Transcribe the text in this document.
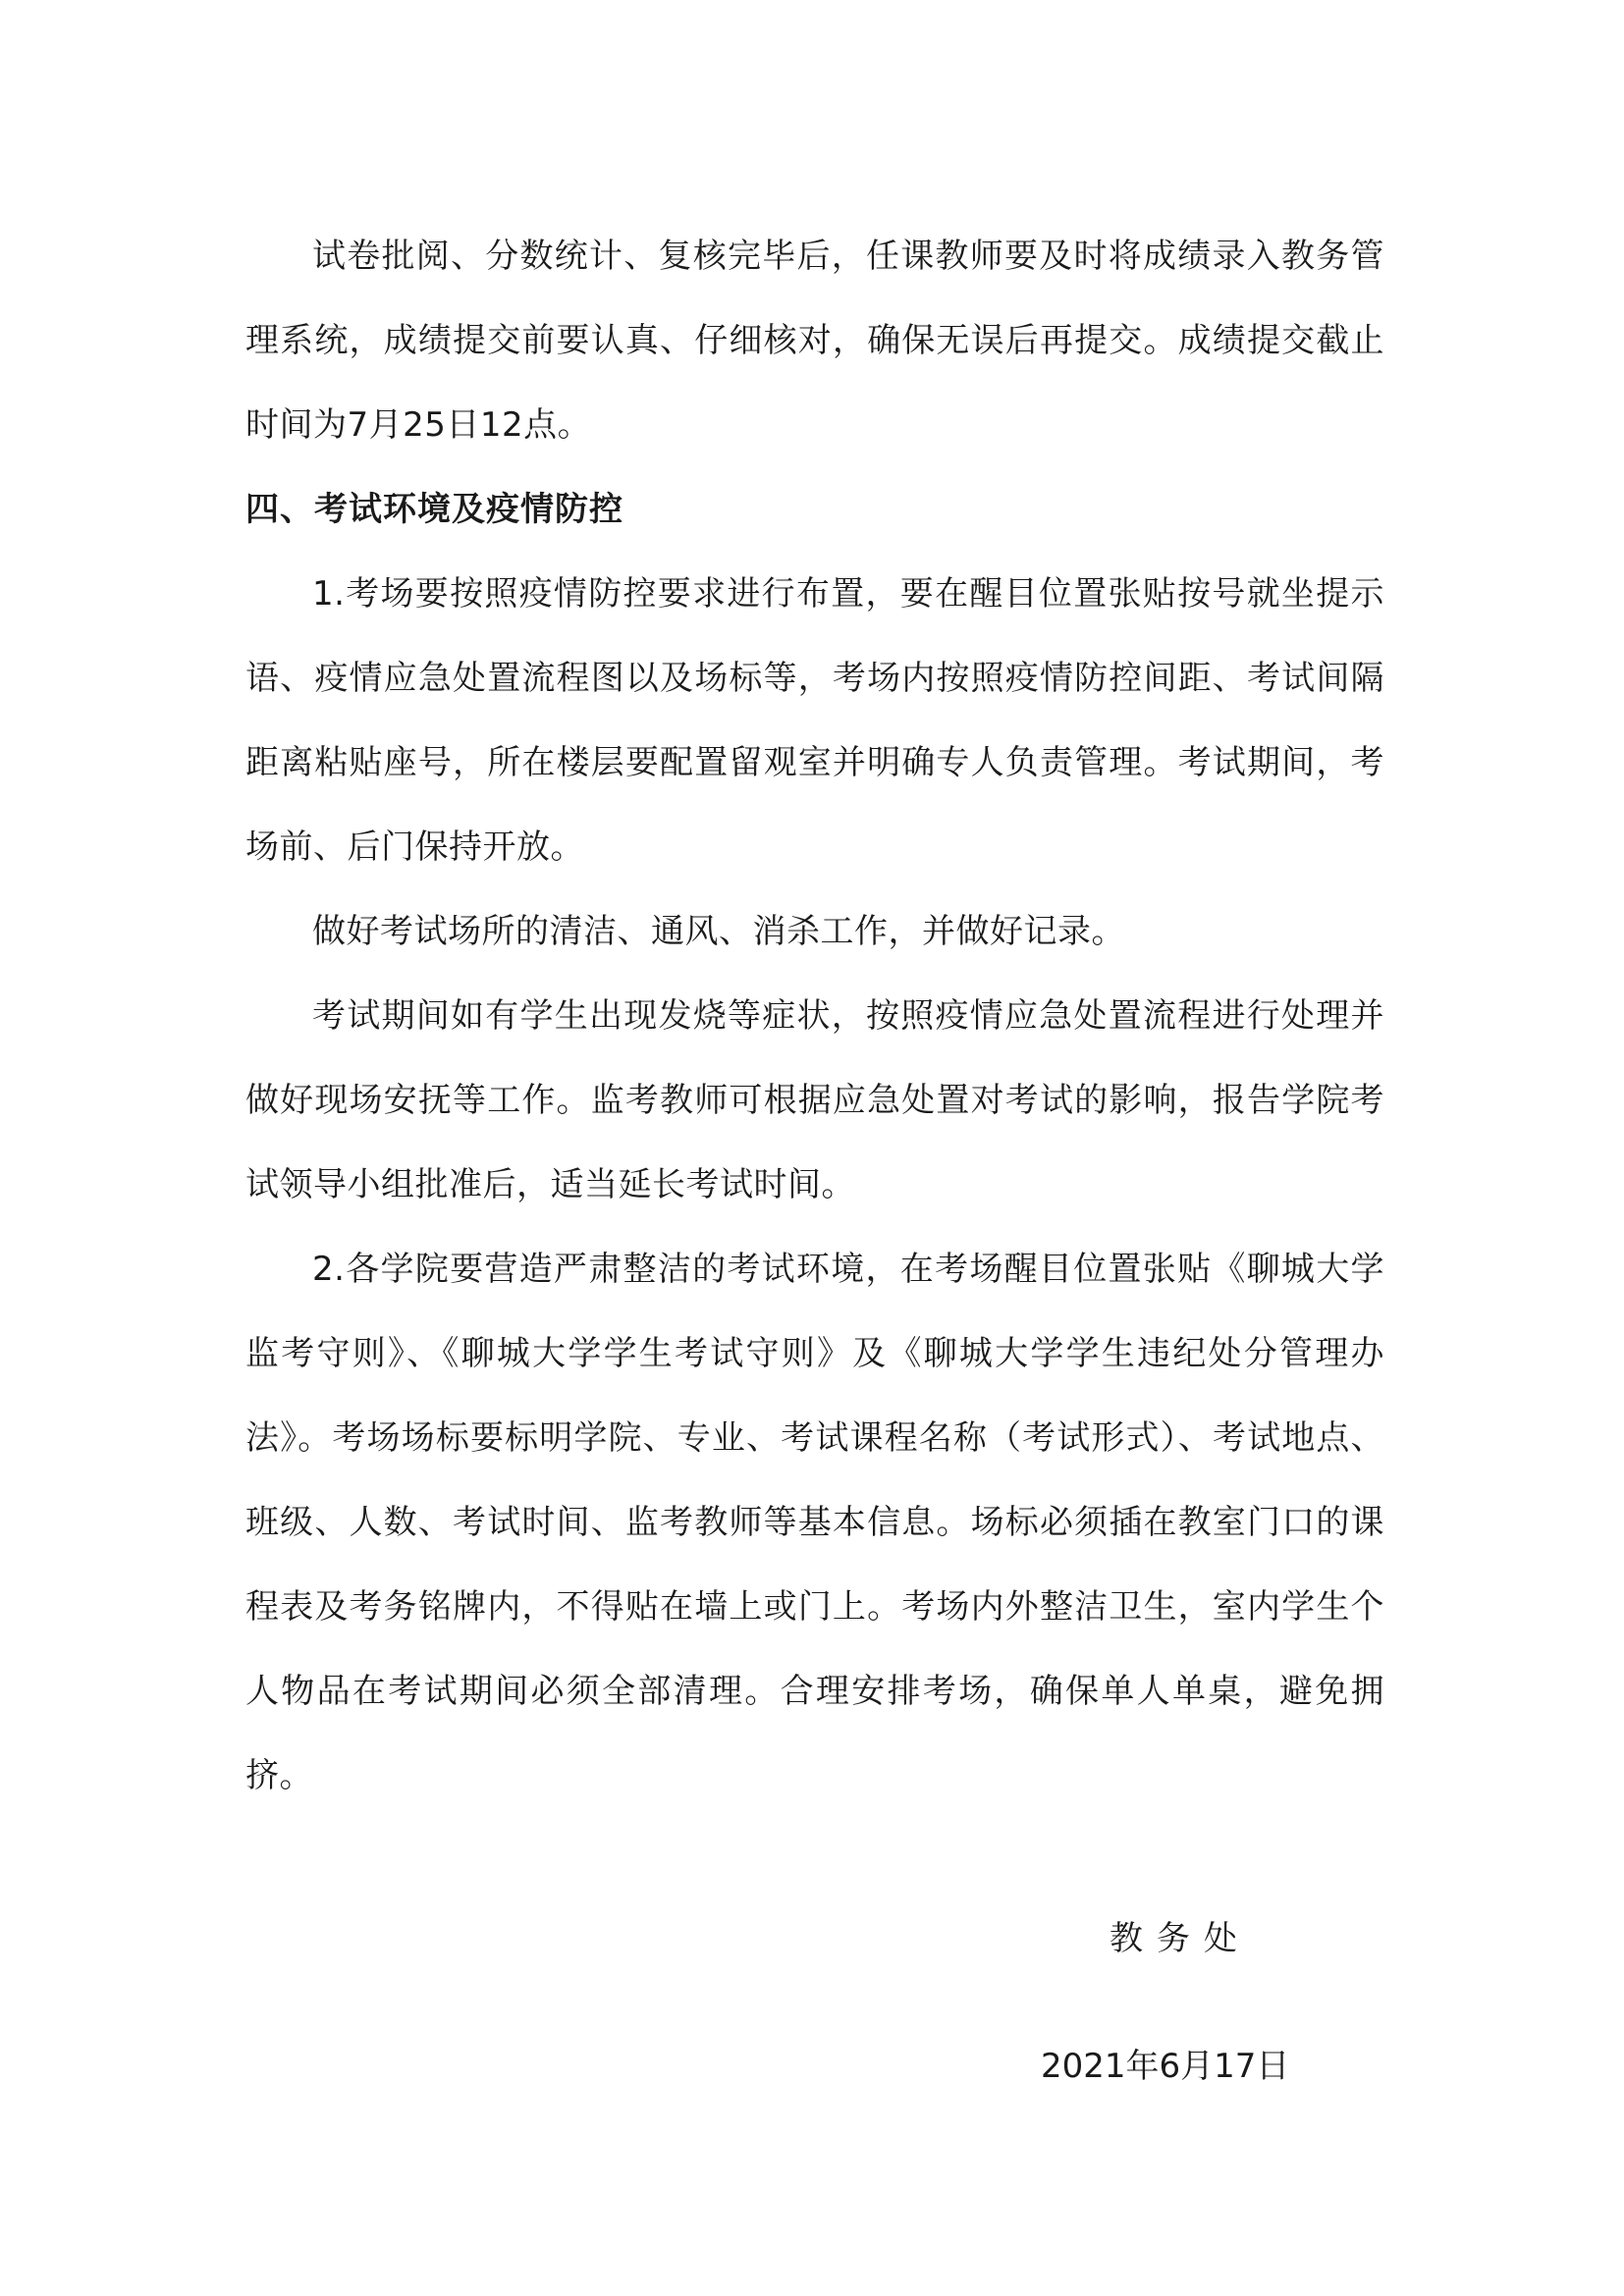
试卷批阅、分数统计、复核完毕后，任课教师要及时将成绩录入教务管理系统，成绩提交前要认真、仔细核对，确保无误后再提交。成绩提交截止时间为7月25日12点。

四、考试环境及疫情防控

1.考场要按照疫情防控要求进行布置，要在醒目位置张贴按号就坐提示语、疫情应急处置流程图以及场标等，考场内按照疫情防控间距、考试间隔距离粘贴座号，所在楼层要配置留观室并明确专人负责管理。考试期间，考场前、后门保持开放。

做好考试场所的清洁、通风、消杀工作，并做好记录。

考试期间如有学生出现发烧等症状，按照疫情应急处置流程进行处理并做好现场安抚等工作。监考教师可根据应急处置对考试的影响，报告学院考试领导小组批准后，适当延长考试时间。

2.各学院要营造严肃整洁的考试环境，在考场醒目位置张贴《聊城大学监考守则》、《聊城大学学生考试守则》及《聊城大学学生违纪处分管理办法》。考场场标要标明学院、专业、考试课程名称（考试形式）、考试地点、班级、人数、考试时间、监考教师等基本信息。场标必须插在教室门口的课程表及考务铭牌内，不得贴在墙上或门上。考场内外整洁卫生，室内学生个人物品在考试期间必须全部清理。合理安排考场，确保单人单桌，避免拥挤。

教务处
2021年6月17日
